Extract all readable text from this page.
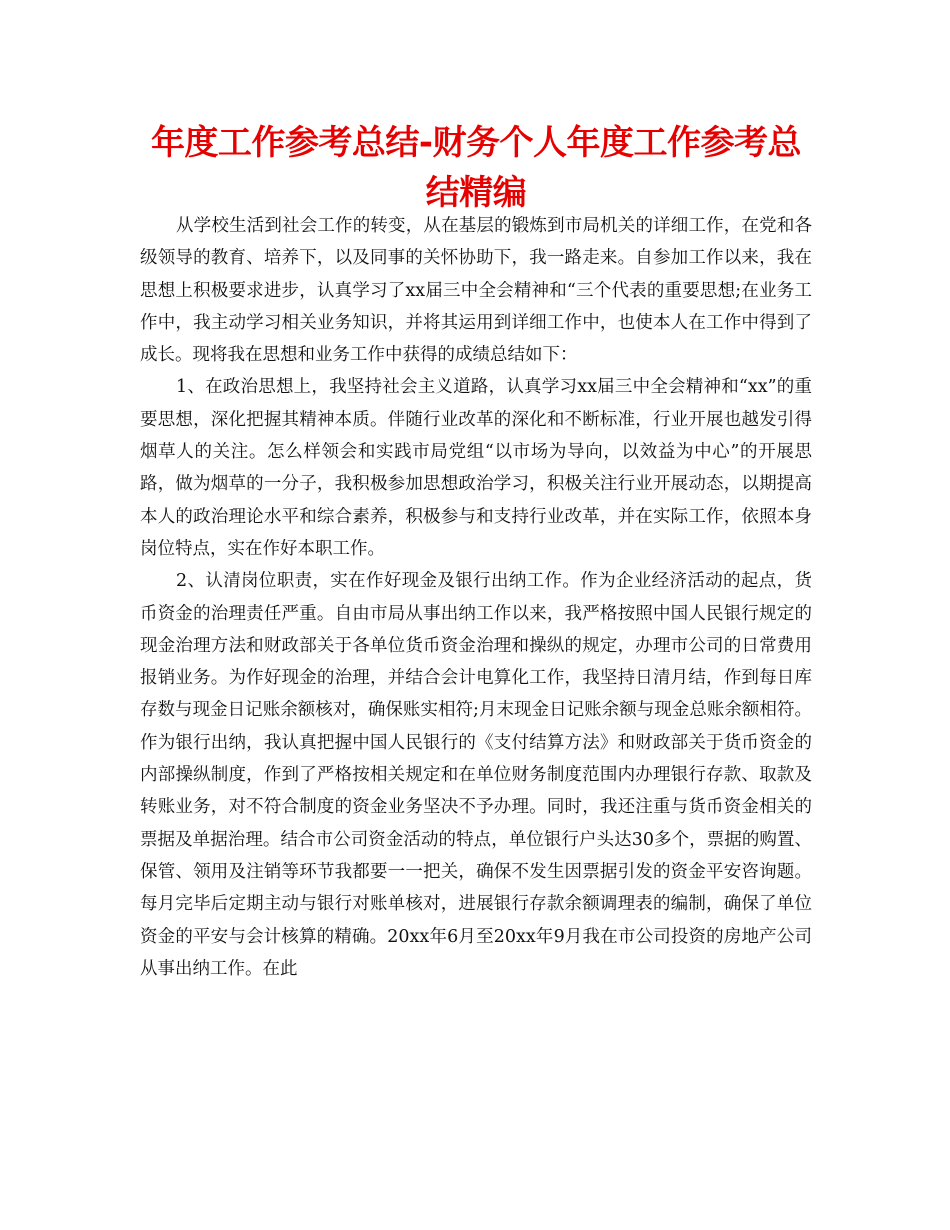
年度工作参考总结-财务个人年度工作参考总结精编

从学校生活到社会工作的转变，从在基层的锻炼到市局机关的详细工作，在党和各级领导的教育、培养下，以及同事的关怀协助下，我一路走来。自参加工作以来，我在思想上积极要求进步，认真学习了xx届三中全会精神和“三个代表的重要思想;在业务工作中，我主动学习相关业务知识，并将其运用到详细工作中，也使本人在工作中得到了成长。现将我在思想和业务工作中获得的成绩总结如下：

1、在政治思想上，我坚持社会主义道路，认真学习xx届三中全会精神和“xx”的重要思想，深化把握其精神本质。伴随行业改革的深化和不断标准，行业开展也越发引得烟草人的关注。怎么样领会和实践市局党组“以市场为导向，以效益为中心”的开展思路，做为烟草的一分子，我积极参加思想政治学习，积极关注行业开展动态，以期提高本人的政治理论水平和综合素养，积极参与和支持行业改革，并在实际工作，依照本身岗位特点，实在作好本职工作。

2、认清岗位职责，实在作好现金及银行出纳工作。作为企业经济活动的起点，货币资金的治理责任严重。自由市局从事出纳工作以来，我严格按照中国人民银行规定的现金治理方法和财政部关于各单位货币资金治理和操纵的规定，办理市公司的日常费用报销业务。为作好现金的治理，并结合会计电算化工作，我坚持日清月结，作到每日库存数与现金日记账余额核对，确保账实相符;月末现金日记账余额与现金总账余额相符。作为银行出纳，我认真把握中国人民银行的《支付结算方法》和财政部关于货币资金的内部操纵制度，作到了严格按相关规定和在单位财务制度范围内办理银行存款、取款及转账业务，对不符合制度的资金业务坚决不予办理。同时，我还注重与货币资金相关的票据及单据治理。结合市公司资金活动的特点，单位银行户头达30多个，票据的购置、保管、领用及注销等环节我都要一一把关，确保不发生因票据引发的资金平安咨询题。每月完毕后定期主动与银行对账单核对，进展银行存款余额调理表的编制，确保了单位资金的平安与会计核算的精确。20xx年6月至20xx年9月我在市公司投资的房地产公司从事出纳工作。在此
